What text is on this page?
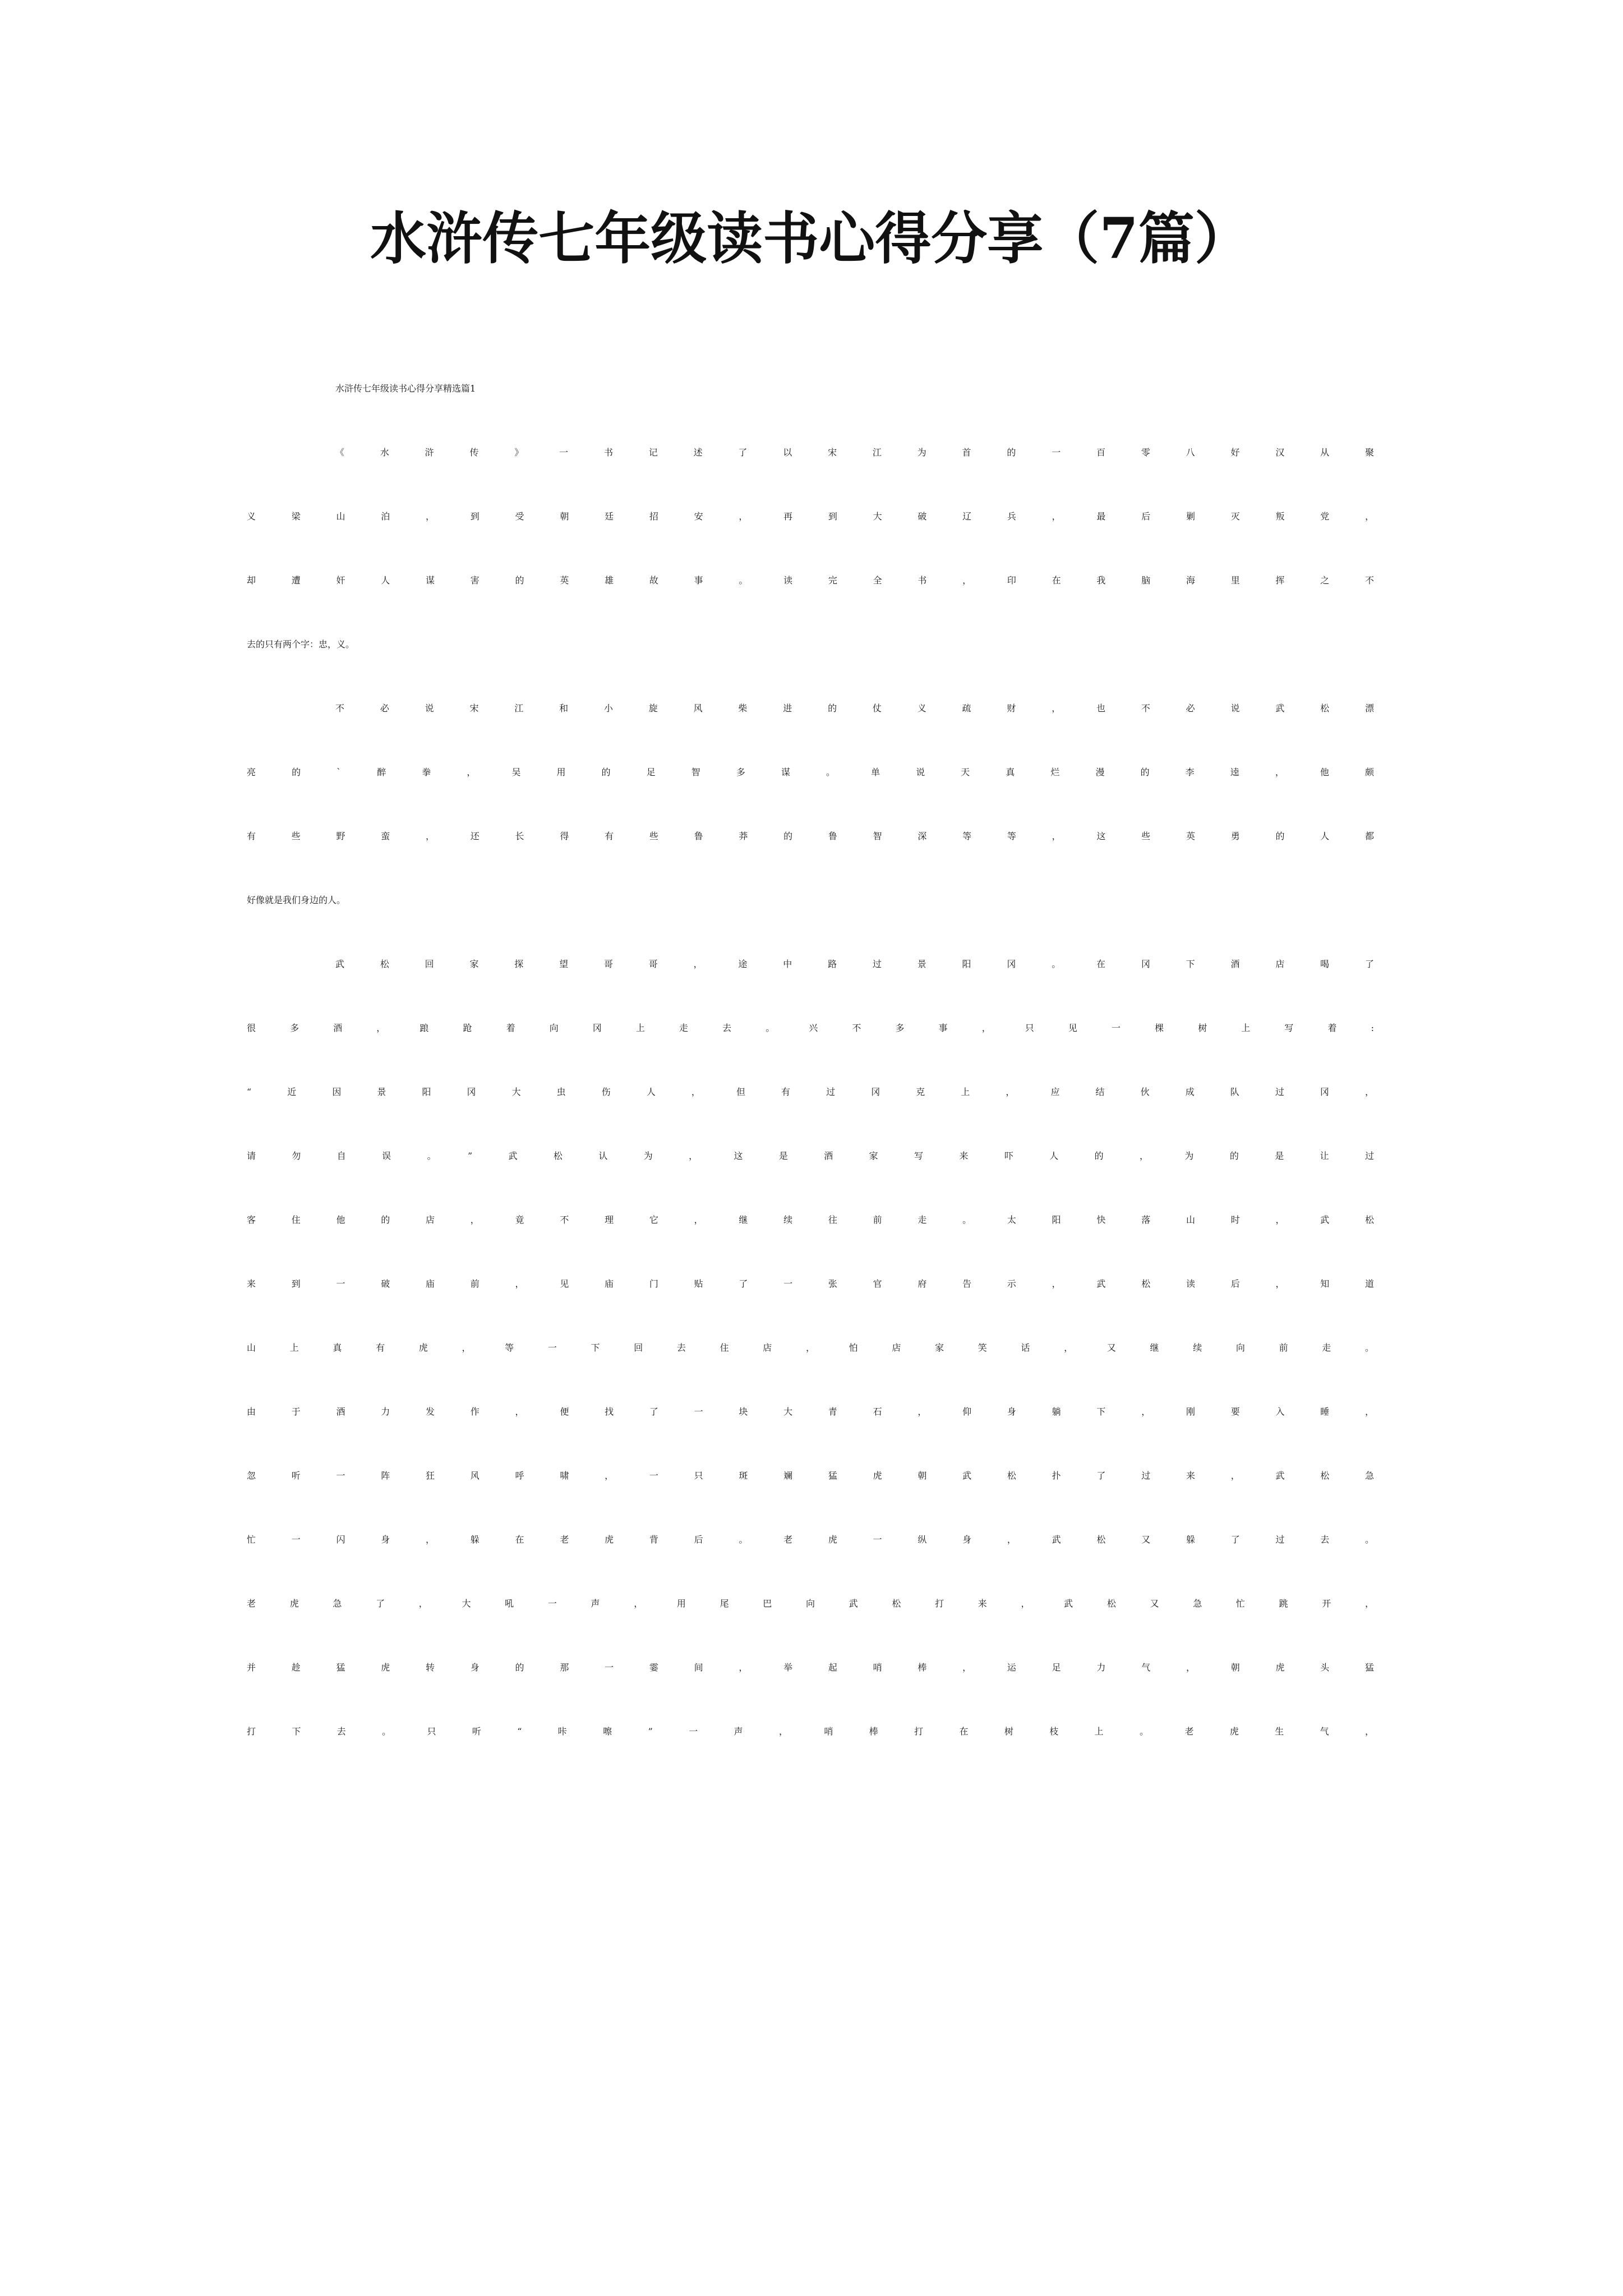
水浒传七年级读书心得分享（7篇）
水浒传七年级读书心得分享精选篇1
《水浒传》一书记述了以宋江为首的一百零八好汉从聚
义梁山泊，到受朝廷招安，再到大破辽兵，最后剿灭叛党，
却遭奸人谋害的英雄故事。读完全书，印在我脑海里挥之不
去的只有两个字：忠，义。
不必说宋江和小旋风柴进的仗义疏财，也不必说武松漂
亮的`醉拳，吴用的足智多谋。单说天真烂漫的李逵，他颇
有些野蛮，还长得有些鲁莽的鲁智深等等，这些英勇的人都
好像就是我们身边的人。
武松回家探望哥哥，途中路过景阳冈。在冈下酒店喝了
很多酒，踉跄着向冈上走去。兴不多事，只见一棵树上写着:
“近因景阳冈大虫伤人，但有过冈克上，应结伙成队过冈，
请勿自误。”武松认为，这是酒家写来吓人的，为的是让过
客住他的店，竟不理它，继续往前走。太阳快落山时，武松
来到一破庙前，见庙门贴了一张官府告示，武松读后，知道
山上真有虎，等一下回去住店，怕店家笑话，又继续向前走。
由于酒力发作，便找了一块大青石，仰身躺下，刚要入睡，
忽听一阵狂风呼啸，一只斑斓猛虎朝武松扑了过来，武松急
忙一闪身，躲在老虎背后。老虎一纵身，武松又躲了过去。
老虎急了，大吼一声，用尾巴向武松打来，武松又急忙跳开，
并趁猛虎转身的那一霎间，举起哨棒，运足力气，朝虎头猛
打下去。只听“咔嚓”一声，哨棒打在树枝上。老虎生气，
